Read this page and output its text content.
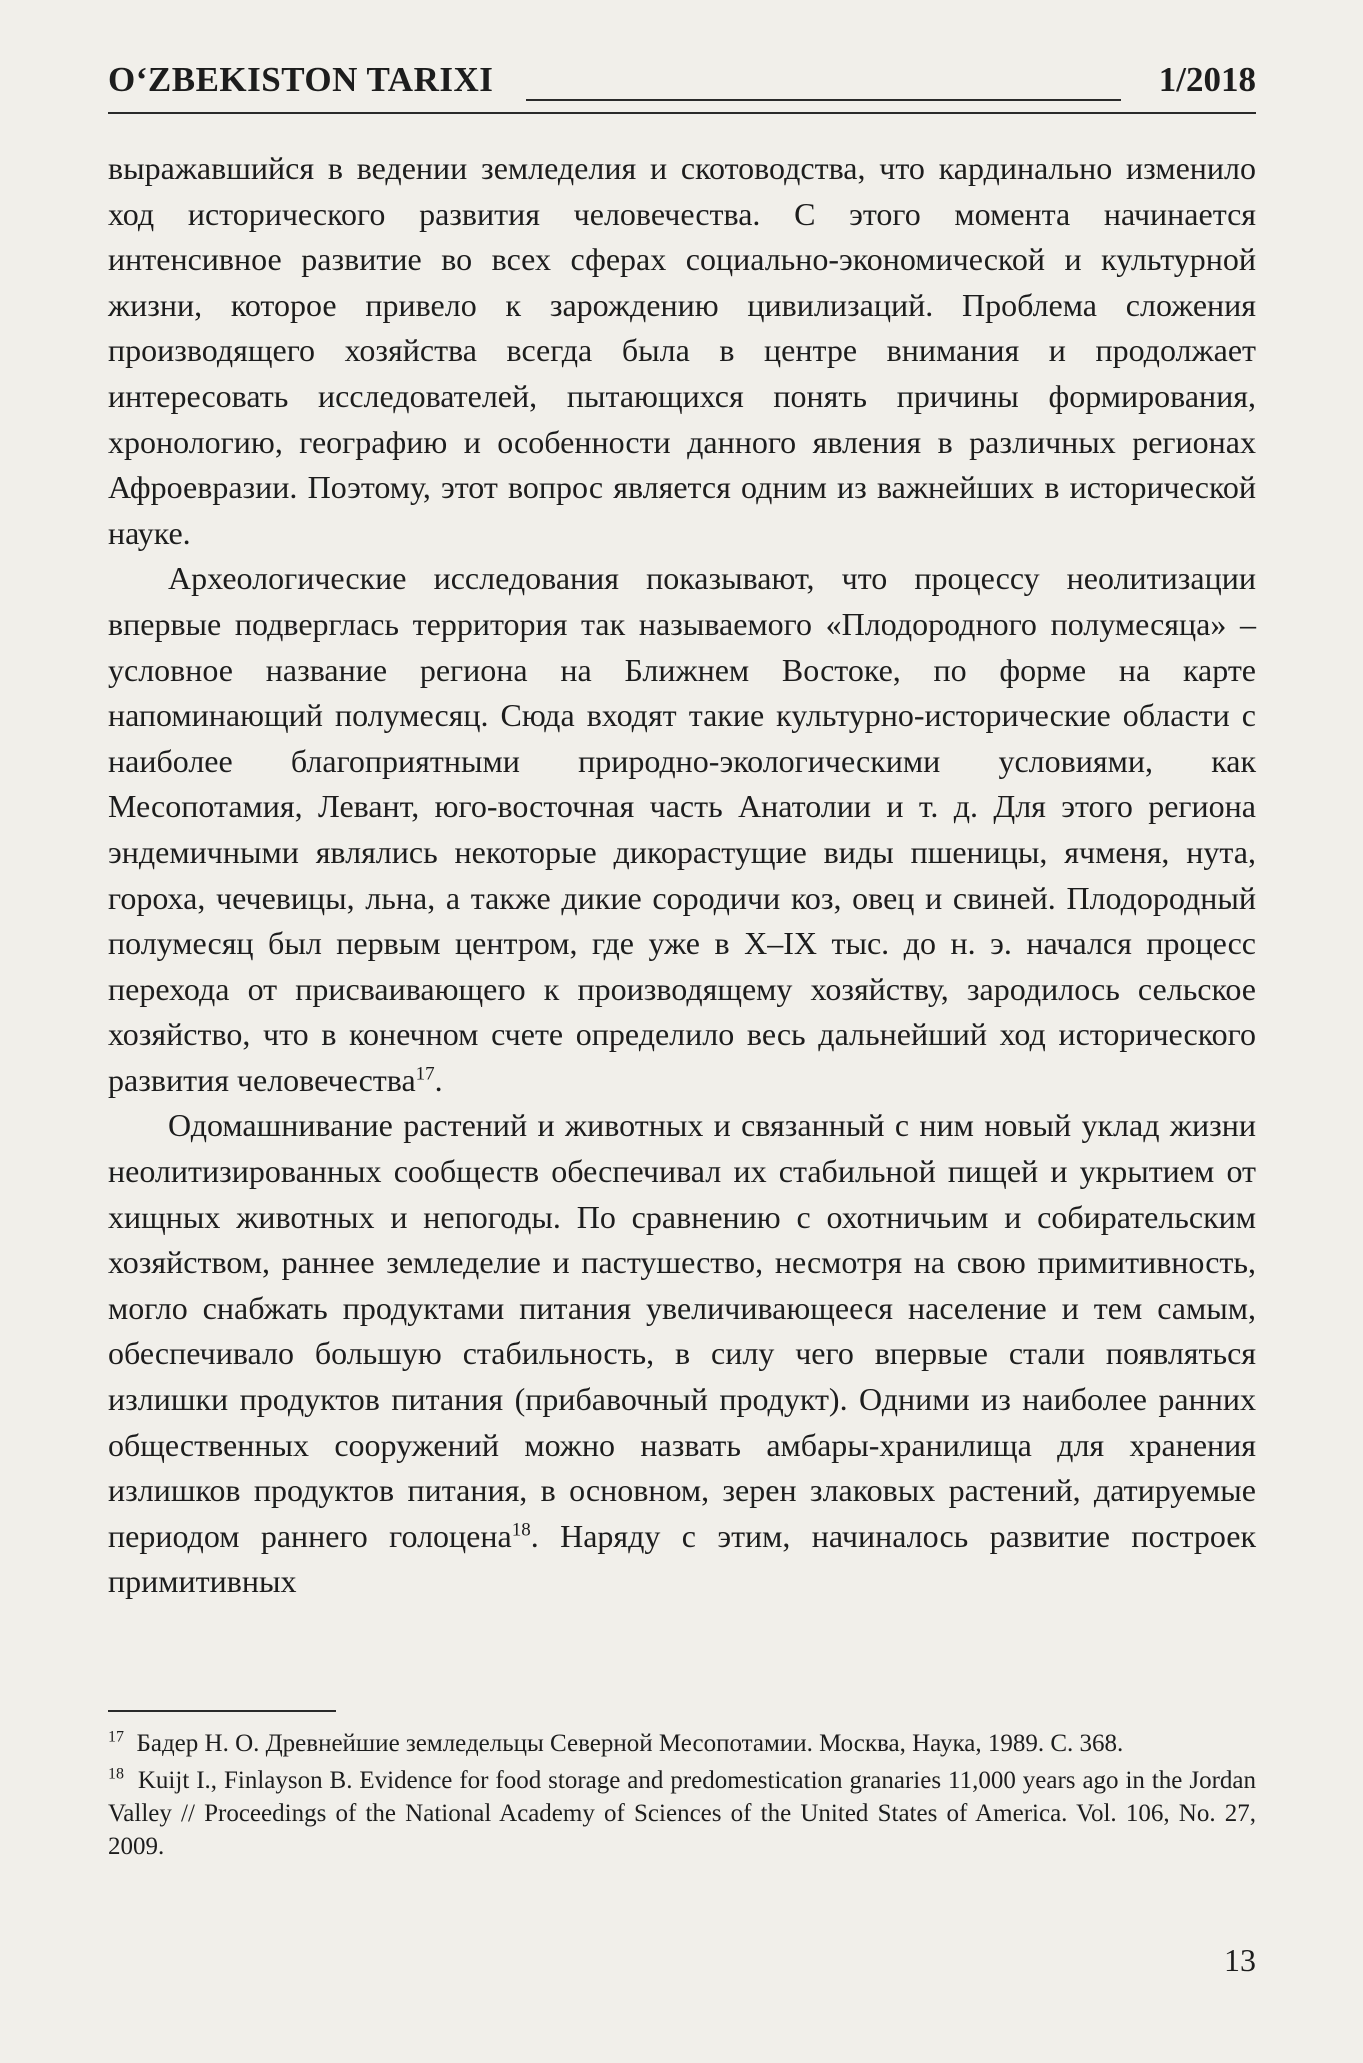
O‘ZBEKISTON TARIXI	1/2018

выражавшийся в ведении земледелия и скотоводства, что кардинально изменило ход исторического развития человечества. С этого момента начинается интенсивное развитие во всех сферах социально-экономической и культурной жизни, которое привело к зарождению цивилизаций. Проблема сложения производящего хозяйства всегда была в центре внимания и продолжает интересовать исследователей, пытающихся понять причины формирования, хронологию, географию и особенности данного явления в различных регионах Афроевразии. Поэтому, этот вопрос является одним из важнейших в исторической науке.

Археологические исследования показывают, что процессу неолитизации впервые подверглась территория так называемого «Плодородного полумесяца» – условное название региона на Ближнем Востоке, по форме на карте напоминающий полумесяц. Сюда входят такие культурно-исторические области с наиболее благоприятными природно-экологическими условиями, как Месопотамия, Левант, юго-восточная часть Анатолии и т. д. Для этого региона эндемичными являлись некоторые дикорастущие виды пшеницы, ячменя, нута, гороха, чечевицы, льна, а также дикие сородичи коз, овец и свиней. Плодородный полумесяц был первым центром, где уже в X–IX тыс. до н. э. начался процесс перехода от присваивающего к производящему хозяйству, зародилось сельское хозяйство, что в конечном счете определило весь дальнейший ход исторического развития человечества$^{17}$.

Одомашнивание растений и животных и связанный с ним новый уклад жизни неолитизированных сообществ обеспечивал их стабильной пищей и укрытием от хищных животных и непогоды. По сравнению с охотничьим и собирательским хозяйством, раннее земледелие и пастушество, несмотря на свою примитивность, могло снабжать продуктами питания увеличивающееся население и тем самым, обеспечивало большую стабильность, в силу чего впервые стали появляться излишки продуктов питания (прибавочный продукт). Одними из наиболее ранних общественных сооружений можно назвать амбары-хранилища для хранения излишков продуктов питания, в основном, зерен злаковых растений, датируемые периодом раннего голоцена$^{18}$. Наряду с этим, начиналось развитие построек примитивных

$^{17}$ Бадер Н. О. Древнейшие земледельцы Северной Месопотамии. Москва, Наука, 1989. С. 368.

$^{18}$ Kuijt I., Finlayson B. Evidence for food storage and predomestication granaries 11,000 years ago in the Jordan Valley // Proceedings of the National Academy of Sciences of the United States of America. Vol. 106, No. 27, 2009.

13
